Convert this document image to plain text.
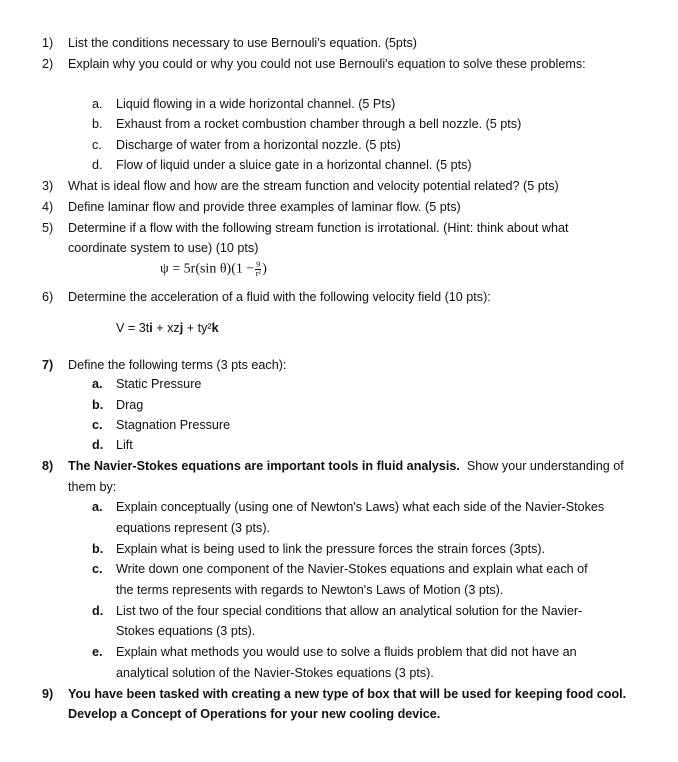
1) List the conditions necessary to use Bernouli's equation. (5pts)
2) Explain why you could or why you could not use Bernouli's equation to solve these problems:
a. Liquid flowing in a wide horizontal channel. (5 Pts)
b. Exhaust from a rocket combustion chamber through a bell nozzle. (5 pts)
c. Discharge of water from a horizontal nozzle. (5 pts)
d. Flow of liquid under a sluice gate in a horizontal channel. (5 pts)
3) What is ideal flow and how are the stream function and velocity potential related? (5 pts)
4) Define laminar flow and provide three examples of laminar flow. (5 pts)
5) Determine if a flow with the following stream function is irrotational. (Hint: think about what
coordinate system to use) (10 pts)
ψ = 5r(sin $\theta)(1 - \frac{9}{\text{r²}}$ )
6) Determine the acceleration of a fluid with the following velocity field (10 pts):
V = 3ti + xzj + ty²k
7) Define the following terms (3 pts each):
a. Static Pressure
b. Drag
c. Stagnation Pressure
d. Lift
8) The Navier-Stokes equations are important tools in fluid analysis.  Show your understanding of
them by:
a. Explain conceptually (using one of Newton's Laws) what each side of the Navier-Stokes
equations represent (3 pts).
b. Explain what is being used to link the pressure forces the strain forces (3pts).
c. Write down one component of the Navier-Stokes equations and explain what each of
the terms represents with regards to Newton's Laws of Motion (3 pts).
d. List two of the four special conditions that allow an analytical solution for the Navier-
Stokes equations (3 pts).
e. Explain what methods you would use to solve a fluids problem that did not have an
analytical solution of the Navier-Stokes equations (3 pts).
9) You have been tasked with creating a new type of box that will be used for keeping food cool.
Develop a Concept of Operations for your new cooling device.
